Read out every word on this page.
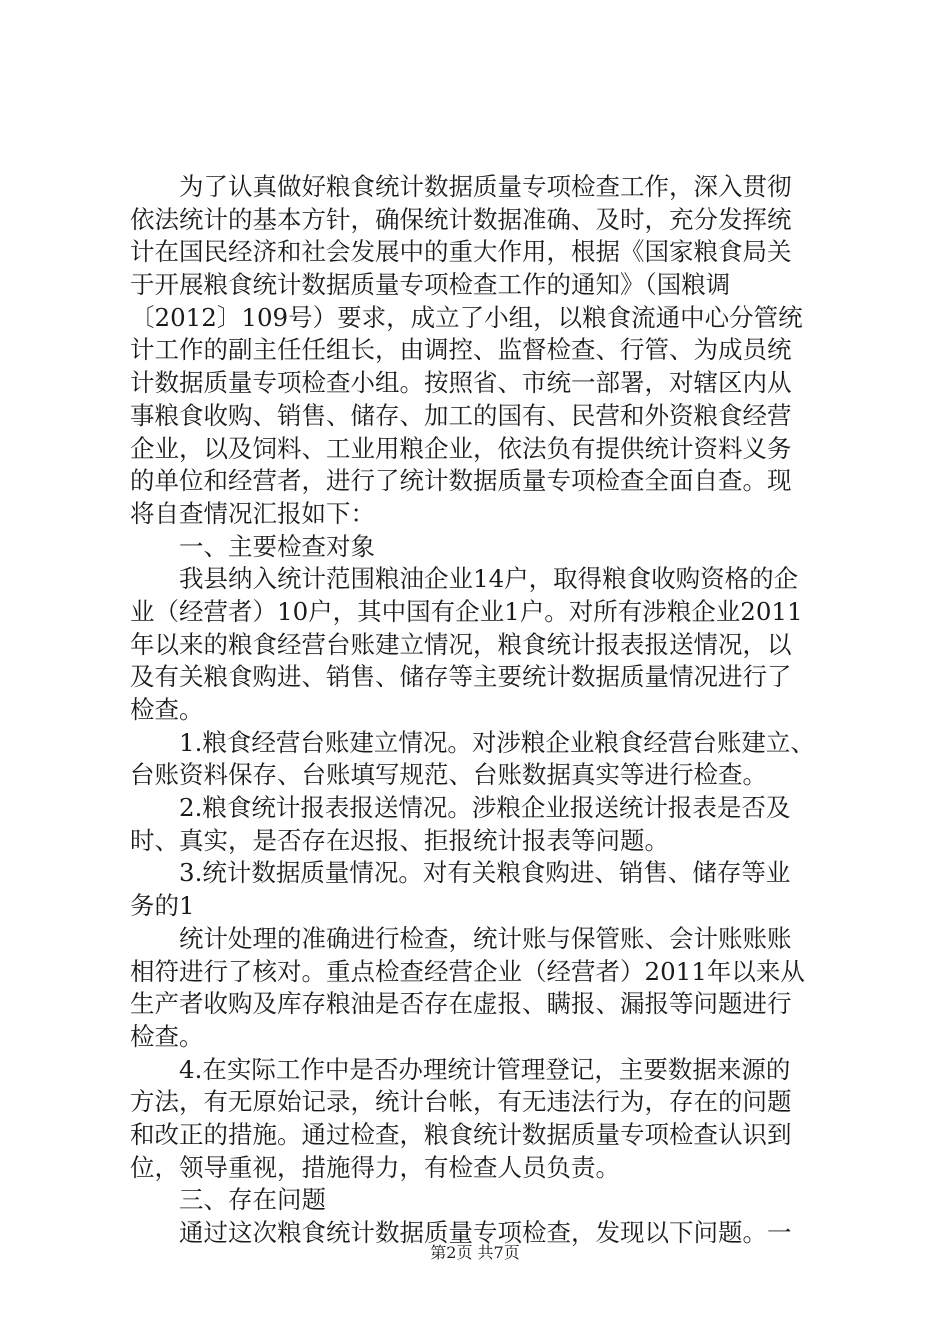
为了认真做好粮食统计数据质量专项检查工作，深入贯彻
依法统计的基本方针，确保统计数据准确、及时，充分发挥统
计在国民经济和社会发展中的重大作用，根据《国家粮食局关
于开展粮食统计数据质量专项检查工作的通知》（国粮调
〔2012〕109号）要求，成立了小组，以粮食流通中心分管统
计工作的副主任任组长，由调控、监督检查、行管、为成员统
计数据质量专项检查小组。按照省、市统一部署，对辖区内从
事粮食收购、销售、储存、加工的国有、民营和外资粮食经营
企业，以及饲料、工业用粮企业，依法负有提供统计资料义务
的单位和经营者，进行了统计数据质量专项检查全面自查。现
将自查情况汇报如下：
一、主要检查对象
我县纳入统计范围粮油企业14户，取得粮食收购资格的企
业（经营者）10户，其中国有企业1户。对所有涉粮企业2011
年以来的粮食经营台账建立情况，粮食统计报表报送情况，以
及有关粮食购进、销售、储存等主要统计数据质量情况进行了
检查。
1.粮食经营台账建立情况。对涉粮企业粮食经营台账建立、
台账资料保存、台账填写规范、台账数据真实等进行检查。
2.粮食统计报表报送情况。涉粮企业报送统计报表是否及
时、真实，是否存在迟报、拒报统计报表等问题。
3.统计数据质量情况。对有关粮食购进、销售、储存等业
务的1
统计处理的准确进行检查，统计账与保管账、会计账账账
相符进行了核对。重点检查经营企业（经营者）2011年以来从
生产者收购及库存粮油是否存在虚报、瞒报、漏报等问题进行
检查。
4.在实际工作中是否办理统计管理登记，主要数据来源的
方法，有无原始记录，统计台帐，有无违法行为，存在的问题
和改正的措施。通过检查，粮食统计数据质量专项检查认识到
位，领导重视，措施得力，有检查人员负责。
三、存在问题
通过这次粮食统计数据质量专项检查，发现以下问题。一
第2页 共7页
